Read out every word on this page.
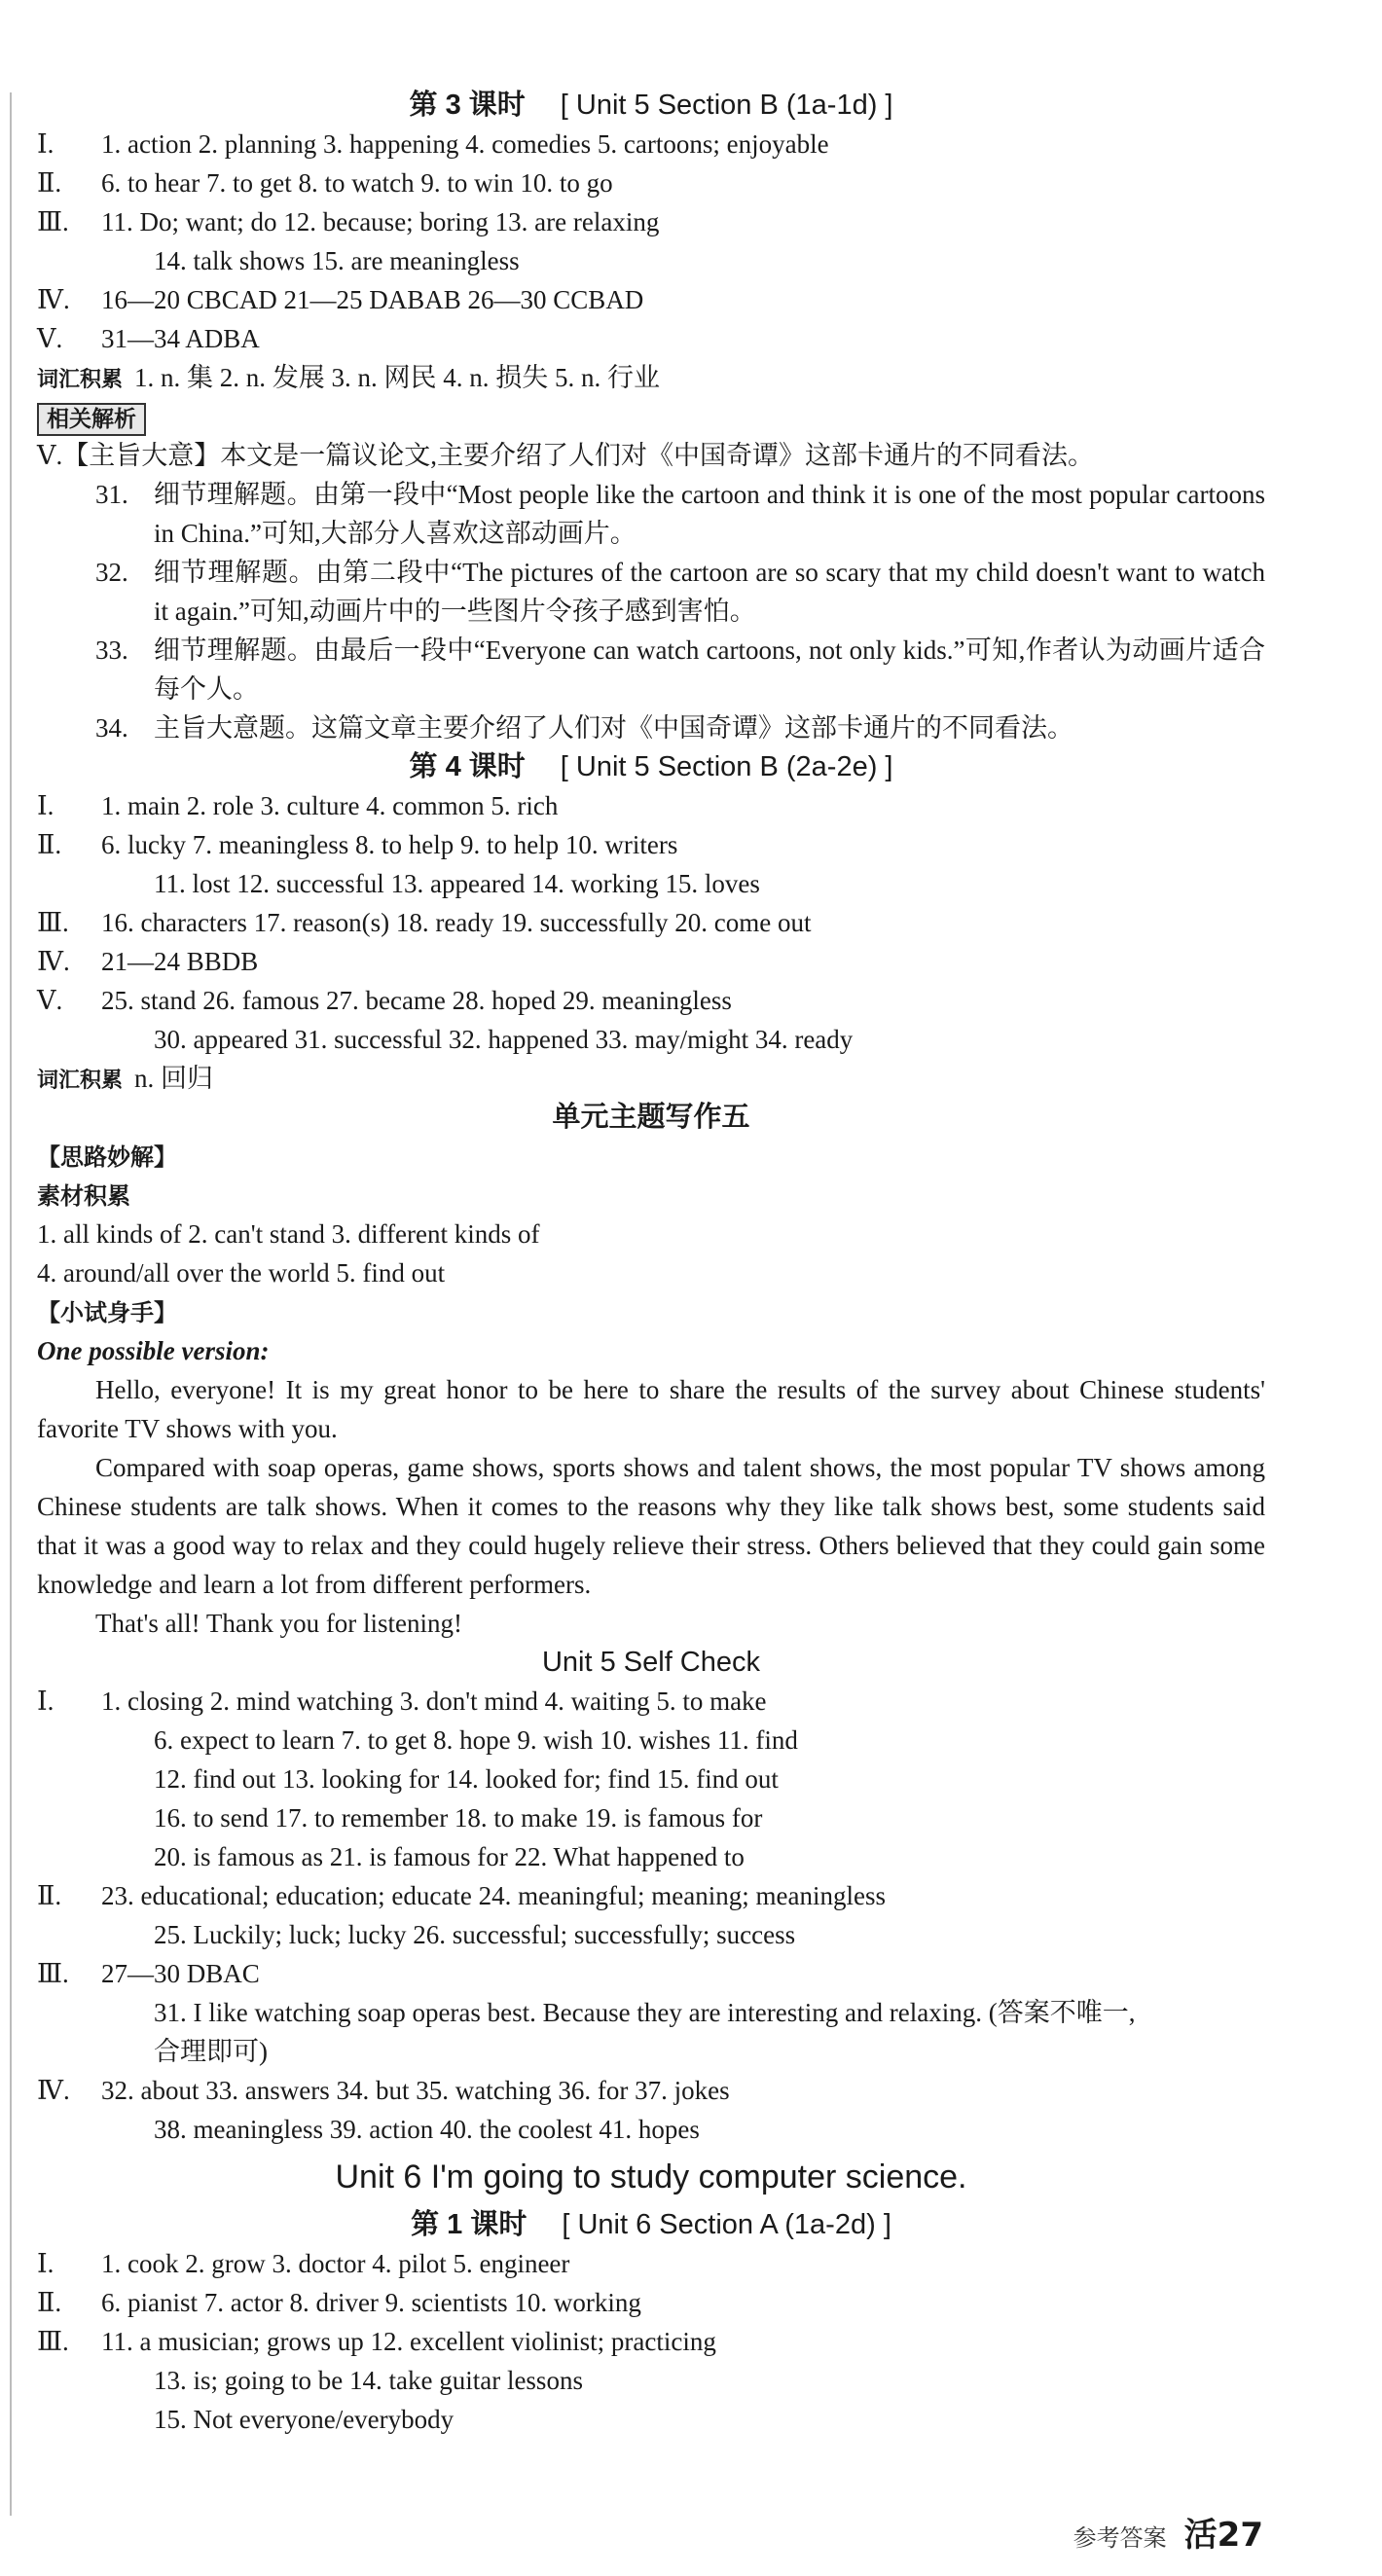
第 3 课时 [ Unit 5 Section B (1a-1d) ]
Ⅰ. 1. action 2. planning 3. happening 4. comedies 5. cartoons; enjoyable
Ⅱ. 6. to hear 7. to get 8. to watch 9. to win 10. to go
Ⅲ. 11. Do; want; do 12. because; boring 13. are relaxing
14. talk shows 15. are meaningless
Ⅳ. 16—20 CBCAD 21—25 DABAB 26—30 CCBAD
Ⅴ. 31—34 ADBA
词汇积累 1. n. 集 2. n. 发展 3. n. 网民 4. n. 损失 5. n. 行业
相关解析
Ⅴ.【主旨大意】本文是一篇议论文,主要介绍了人们对《中国奇谭》这部卡通片的不同看法。
31. 细节理解题。由第一段中“Most people like the cartoon and think it is one of the most popular cartoons in China.”可知,大部分人喜欢这部动画片。
32. 细节理解题。由第二段中“The pictures of the cartoon are so scary that my child doesn't want to watch it again.”可知,动画片中的一些图片令孩子感到害怕。
33. 细节理解题。由最后一段中“Everyone can watch cartoons, not only kids.”可知,作者认为动画片适合每个人。
34. 主旨大意题。这篇文章主要介绍了人们对《中国奇谭》这部卡通片的不同看法。
第 4 课时 [ Unit 5 Section B (2a-2e) ]
Ⅰ. 1. main 2. role 3. culture 4. common 5. rich
Ⅱ. 6. lucky 7. meaningless 8. to help 9. to help 10. writers
11. lost 12. successful 13. appeared 14. working 15. loves
Ⅲ. 16. characters 17. reason(s) 18. ready 19. successfully 20. come out
Ⅳ. 21—24 BBDB
Ⅴ. 25. stand 26. famous 27. became 28. hoped 29. meaningless
30. appeared 31. successful 32. happened 33. may/might 34. ready
词汇积累 n. 回归
单元主题写作五
【思路妙解】
素材积累
1. all kinds of 2. can't stand 3. different kinds of
4. around/all over the world 5. find out
【小试身手】
One possible version:
Hello, everyone! It is my great honor to be here to share the results of the survey about Chinese students' favorite TV shows with you.
Compared with soap operas, game shows, sports shows and talent shows, the most popular TV shows among Chinese students are talk shows. When it comes to the reasons why they like talk shows best, some students said that it was a good way to relax and they could hugely relieve their stress. Others believed that they could gain some knowledge and learn a lot from different performers.
That's all! Thank you for listening!
Unit 5 Self Check
Ⅰ. 1. closing 2. mind watching 3. don't mind 4. waiting 5. to make
6. expect to learn 7. to get 8. hope 9. wish 10. wishes 11. find
12. find out 13. looking for 14. looked for; find 15. find out
16. to send 17. to remember 18. to make 19. is famous for
20. is famous as 21. is famous for 22. What happened to
Ⅱ. 23. educational; education; educate 24. meaningful; meaning; meaningless
25. Luckily; luck; lucky 26. successful; successfully; success
Ⅲ. 27—30 DBAC
31. I like watching soap operas best. Because they are interesting and relaxing. (答案不唯一,
合理即可)
Ⅳ. 32. about 33. answers 34. but 35. watching 36. for 37. jokes
38. meaningless 39. action 40. the coolest 41. hopes
Unit 6 I'm going to study computer science.
第 1 课时 [ Unit 6 Section A (1a-2d) ]
Ⅰ. 1. cook 2. grow 3. doctor 4. pilot 5. engineer
Ⅱ. 6. pianist 7. actor 8. driver 9. scientists 10. working
Ⅲ. 11. a musician; grows up 12. excellent violinist; practicing
13. is; going to be 14. take guitar lessons
15. Not everyone/everybody
参考答案 活27
